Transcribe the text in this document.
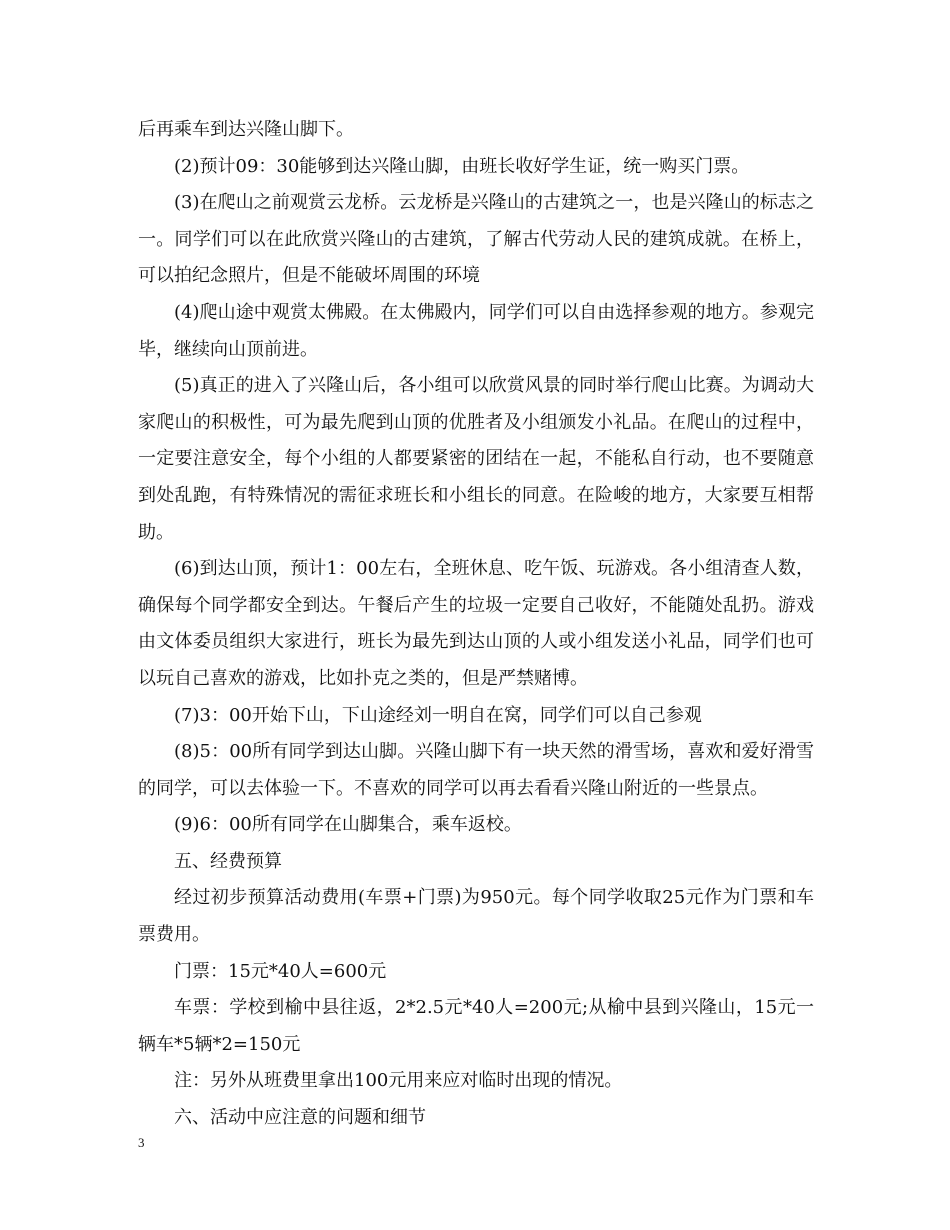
后再乘车到达兴隆山脚下。

(2)预计09：30能够到达兴隆山脚，由班长收好学生证，统一购买门票。

(3)在爬山之前观赏云龙桥。云龙桥是兴隆山的古建筑之一，也是兴隆山的标志之一。同学们可以在此欣赏兴隆山的古建筑，了解古代劳动人民的建筑成就。在桥上，可以拍纪念照片，但是不能破坏周围的环境

(4)爬山途中观赏太佛殿。在太佛殿内，同学们可以自由选择参观的地方。参观完毕，继续向山顶前进。

(5)真正的进入了兴隆山后，各小组可以欣赏风景的同时举行爬山比赛。为调动大家爬山的积极性，可为最先爬到山顶的优胜者及小组颁发小礼品。在爬山的过程中，一定要注意安全，每个小组的人都要紧密的团结在一起，不能私自行动，也不要随意到处乱跑，有特殊情况的需征求班长和小组长的同意。在险峻的地方，大家要互相帮助。

(6)到达山顶，预计1：00左右，全班休息、吃午饭、玩游戏。各小组清查人数，确保每个同学都安全到达。午餐后产生的垃圾一定要自己收好，不能随处乱扔。游戏由文体委员组织大家进行，班长为最先到达山顶的人或小组发送小礼品，同学们也可以玩自己喜欢的游戏，比如扑克之类的，但是严禁赌博。

(7)3：00开始下山，下山途经刘一明自在窝，同学们可以自己参观

(8)5：00所有同学到达山脚。兴隆山脚下有一块天然的滑雪场，喜欢和爱好滑雪的同学，可以去体验一下。不喜欢的同学可以再去看看兴隆山附近的一些景点。

(9)6：00所有同学在山脚集合，乘车返校。

五、经费预算

经过初步预算活动费用(车票+门票)为950元。每个同学收取25元作为门票和车票费用。

门票：15元*40人=600元

车票：学校到榆中县往返，2*2.5元*40人=200元;从榆中县到兴隆山，15元一辆车*5辆*2=150元

注：另外从班费里拿出100元用来应对临时出现的情况。

六、活动中应注意的问题和细节

3
